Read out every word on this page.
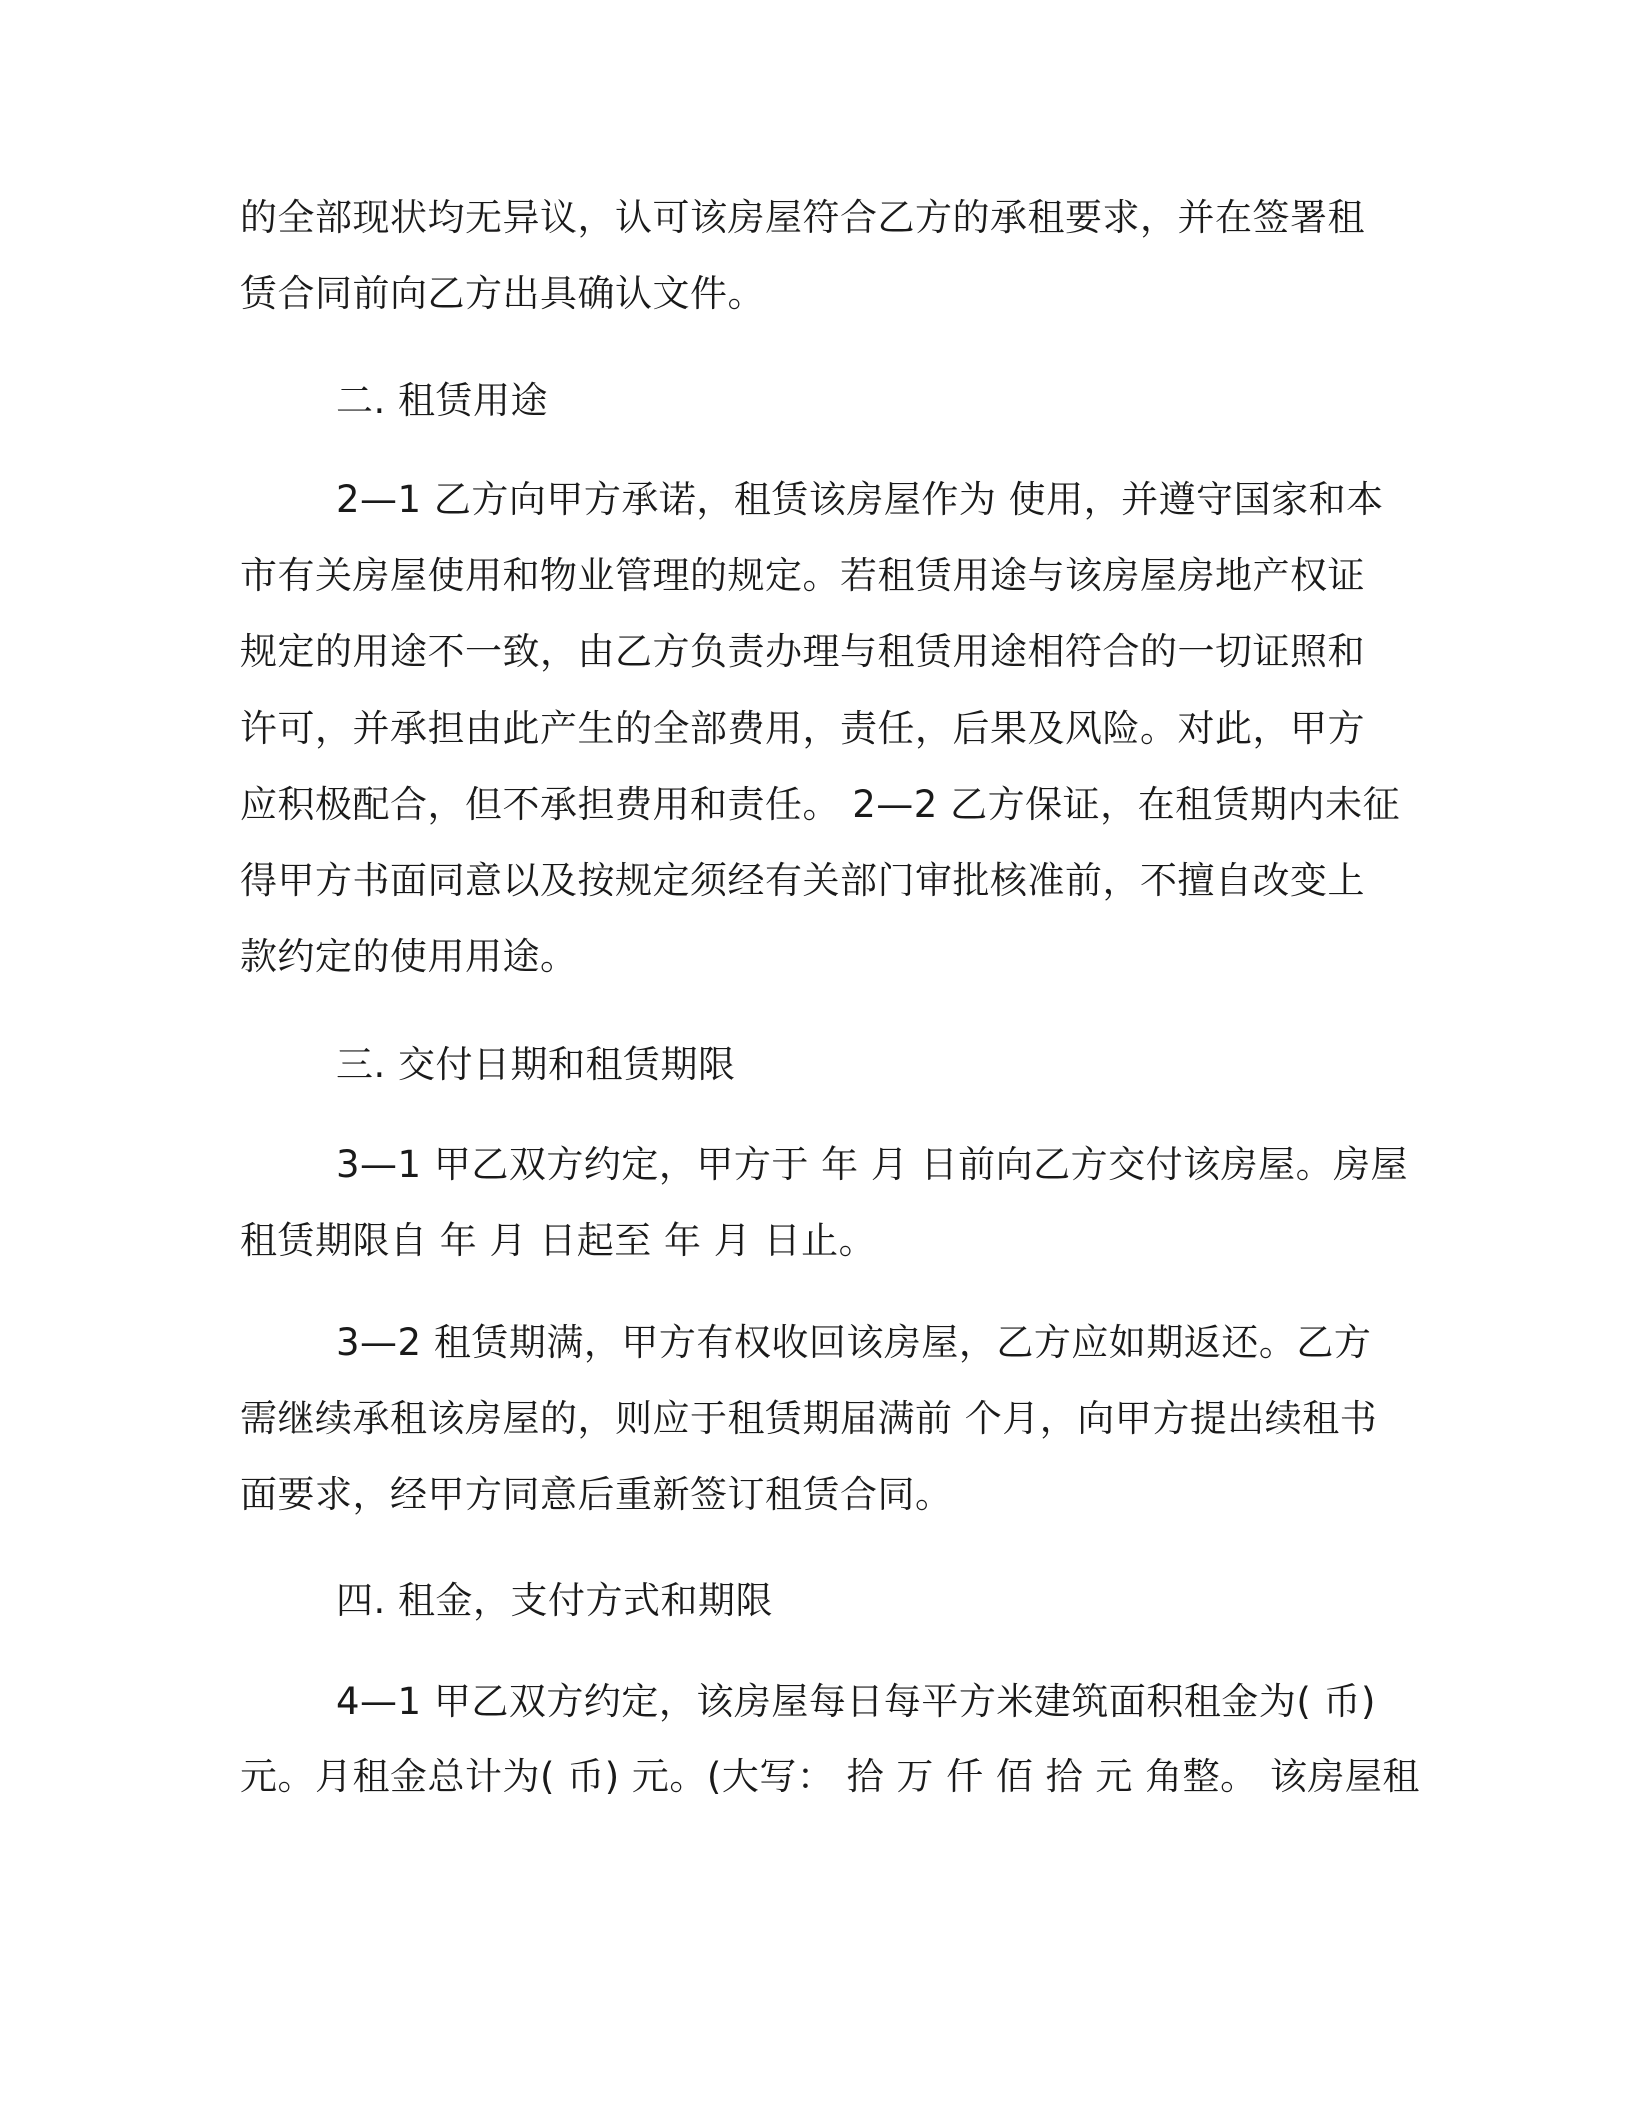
的全部现状均无异议，认可该房屋符合乙方的承租要求，并在签署租
赁合同前向乙方出具确认文件。
二. 租赁用途
2—1 乙方向甲方承诺，租赁该房屋作为 使用，并遵守国家和本
市有关房屋使用和物业管理的规定。若租赁用途与该房屋房地产权证
规定的用途不一致，由乙方负责办理与租赁用途相符合的一切证照和
许可，并承担由此产生的全部费用，责任，后果及风险。对此，甲方
应积极配合，但不承担费用和责任。 2—2 乙方保证，在租赁期内未征
得甲方书面同意以及按规定须经有关部门审批核准前，不擅自改变上
款约定的使用用途。
三. 交付日期和租赁期限
3—1 甲乙双方约定，甲方于 年 月 日前向乙方交付该房屋。房屋
租赁期限自 年 月 日起至 年 月 日止。
3—2 租赁期满，甲方有权收回该房屋，乙方应如期返还。乙方
需继续承租该房屋的，则应于租赁期届满前 个月，向甲方提出续租书
面要求，经甲方同意后重新签订租赁合同。
四. 租金，支付方式和期限
4—1 甲乙双方约定，该房屋每日每平方米建筑面积租金为( 币)
元。月租金总计为( 币) 元。(大写： 拾 万 仟 佰 拾 元 角整。 该房屋租
